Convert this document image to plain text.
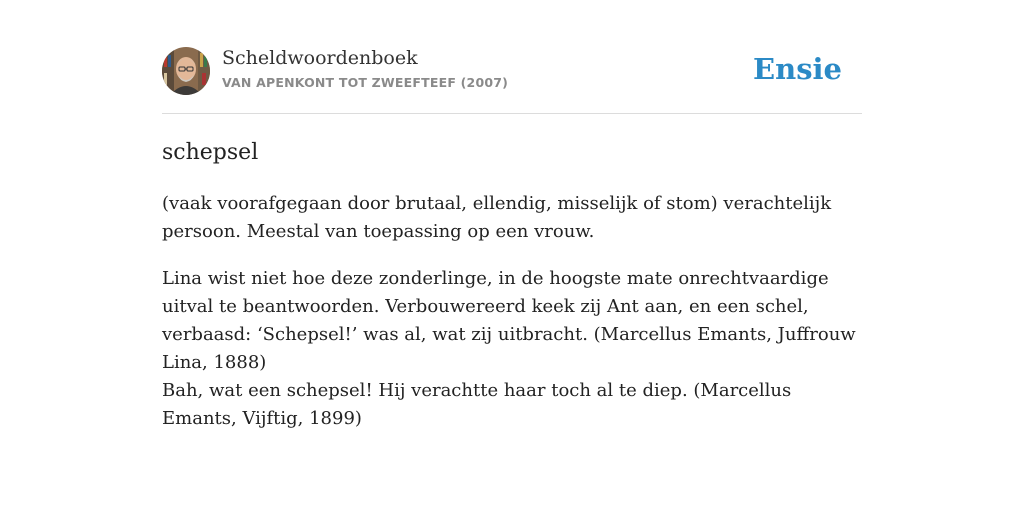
Scheldwoordenboek
VAN APENKONT TOT ZWEEFTEEF (2007)	Ensie
schepsel
(vaak voorafgegaan door brutaal, ellendig, misselijk of stom) verachtelijk persoon. Meestal van toepassing op een vrouw.
Lina wist niet hoe deze zonderlinge, in de hoogste mate onrechtvaardige uitval te beantwoorden. Verbouwereerd keek zij Ant aan, en een schel, verbaasd: ‘Schepsel!’ was al, wat zij uitbracht. (Marcellus Emants, Juffrouw Lina, 1888)
Bah, wat een schepsel! Hij verachtte haar toch al te diep. (Marcellus Emants, Vijftig, 1899)
